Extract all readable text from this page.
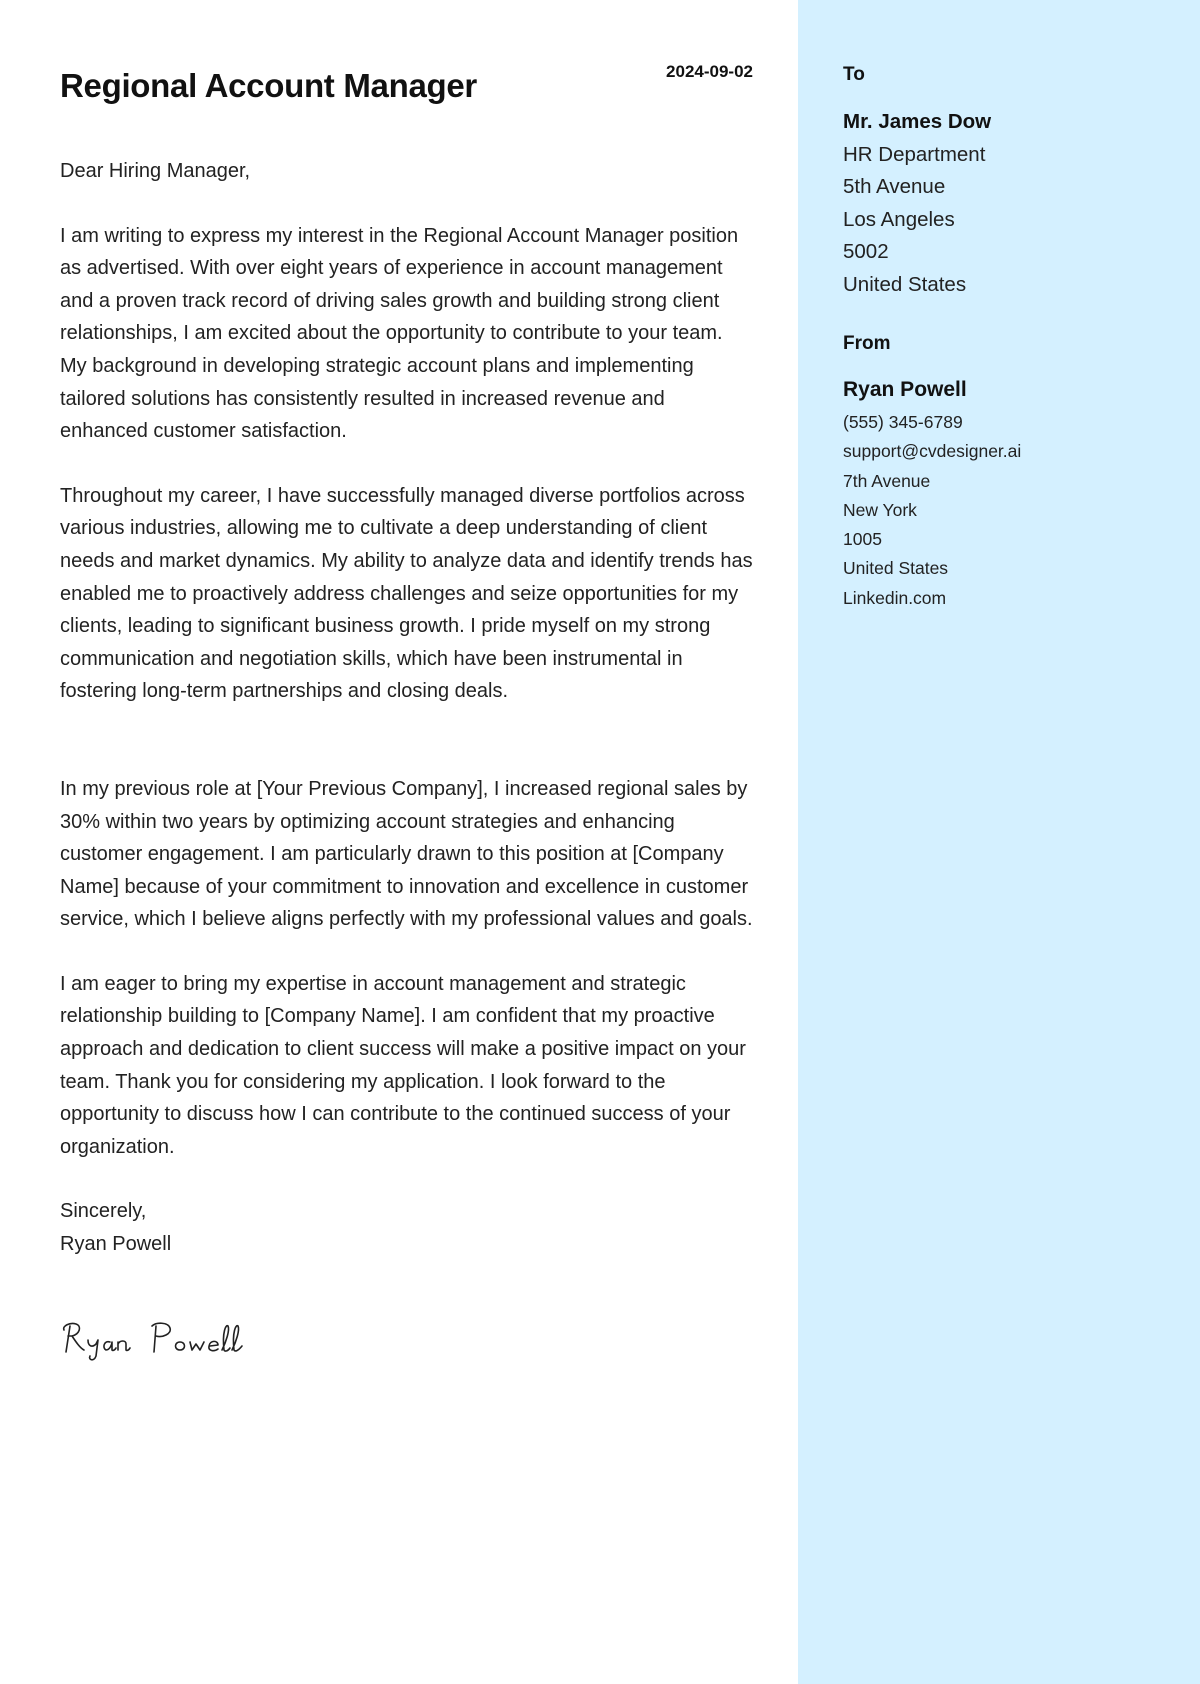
Regional Account Manager	2024-09-02

Dear Hiring Manager,

I am writing to express my interest in the Regional Account Manager position as advertised. With over eight years of experience in account management and a proven track record of driving sales growth and building strong client relationships, I am excited about the opportunity to contribute to your team. My background in developing strategic account plans and implementing tailored solutions has consistently resulted in increased revenue and enhanced customer satisfaction.

Throughout my career, I have successfully managed diverse portfolios across various industries, allowing me to cultivate a deep understanding of client needs and market dynamics. My ability to analyze data and identify trends has enabled me to proactively address challenges and seize opportunities for my clients, leading to significant business growth. I pride myself on my strong communication and negotiation skills, which have been instrumental in fostering long-term partnerships and closing deals.

In my previous role at [Your Previous Company], I increased regional sales by 30% within two years by optimizing account strategies and enhancing customer engagement. I am particularly drawn to this position at [Company Name] because of your commitment to innovation and excellence in customer service, which I believe aligns perfectly with my professional values and goals.

I am eager to bring my expertise in account management and strategic relationship building to [Company Name]. I am confident that my proactive approach and dedication to client success will make a positive impact on your team. Thank you for considering my application. I look forward to the opportunity to discuss how I can contribute to the continued success of your organization.

Sincerely,
Ryan Powell
To
Mr. James Dow
HR Department
5th Avenue
Los Angeles
5002
United States
From
Ryan Powell
(555) 345-6789
support@cvdesigner.ai
7th Avenue
New York
1005
United States
Linkedin.com
